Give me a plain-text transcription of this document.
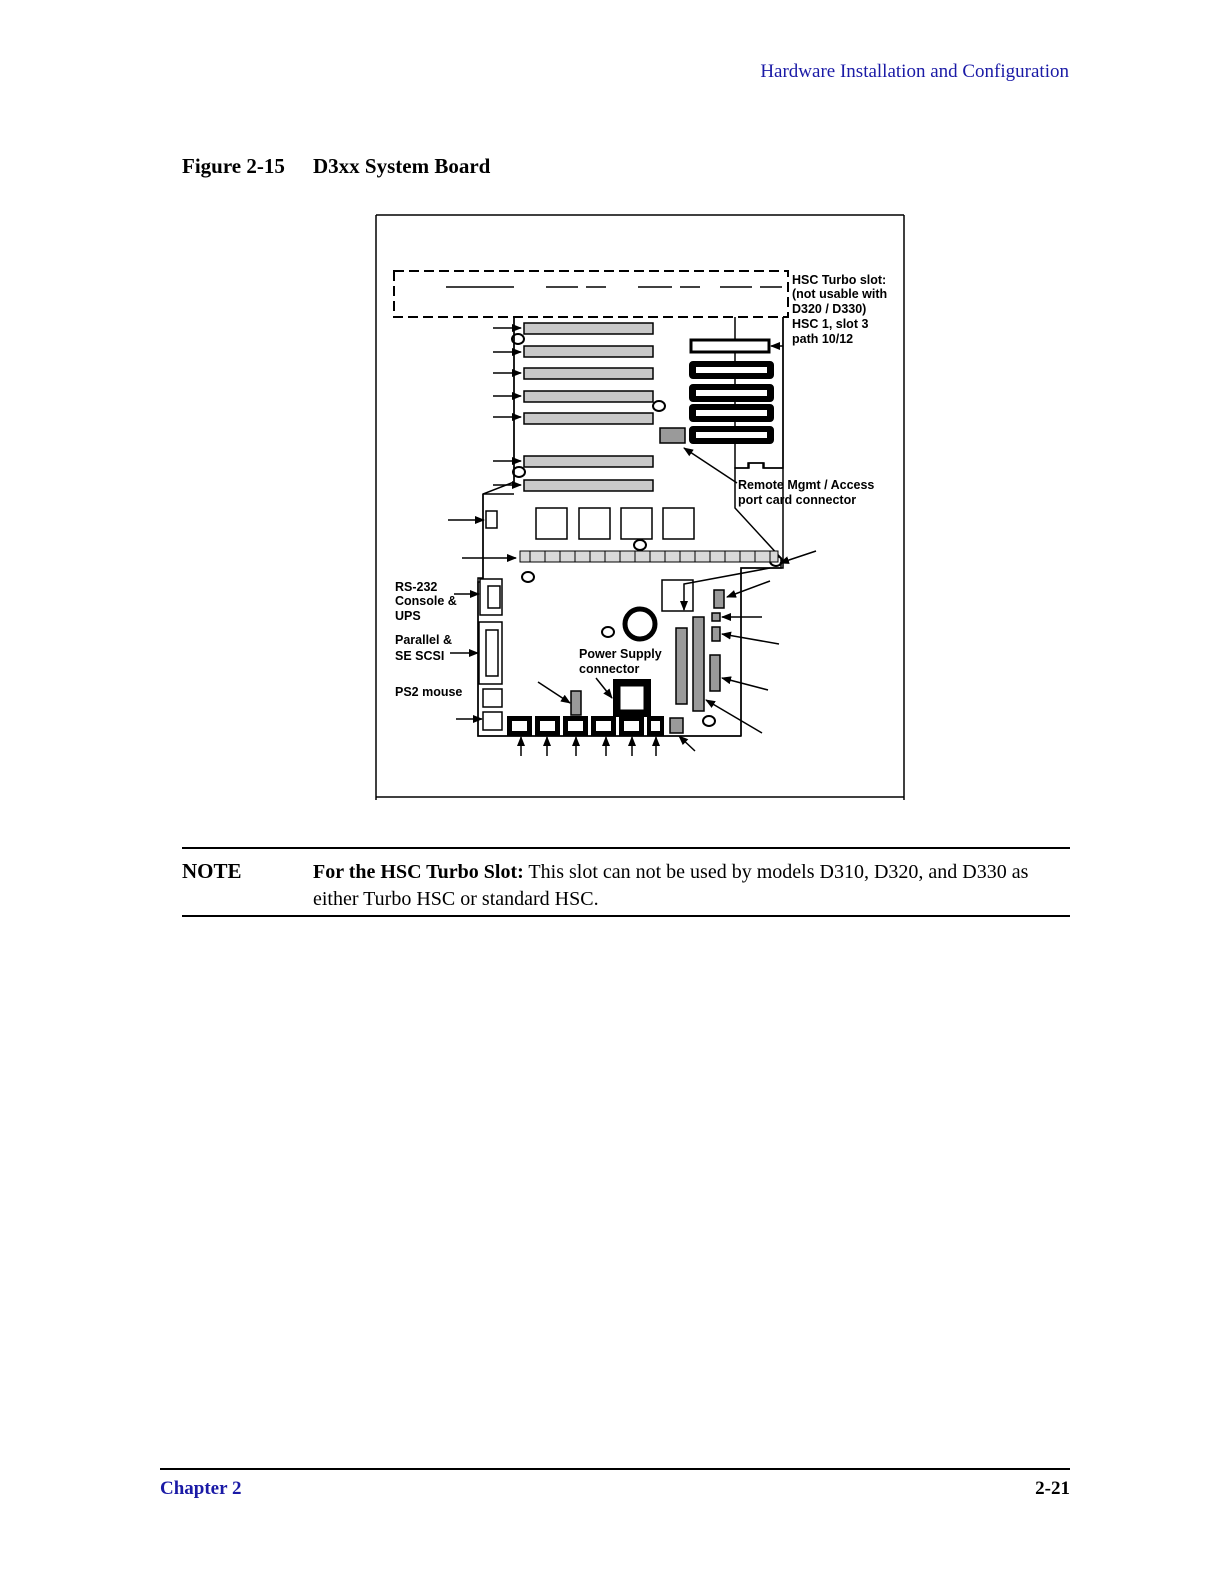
Hardware Installation and Configuration
Figure 2-15 D3xx System Board
HSC Turbo slot:
(not usable with
D320 / D330)
HSC 1, slot 3
path 10/12
Remote Mgmt / Access
port card connector
RS-232
Console &
UPS
Parallel &
SE SCSI
PS2 mouse
Power Supply
connector
NOTE	For the HSC Turbo Slot: This slot can not be used by models D310, D320, and D330 as either Turbo HSC or standard HSC.
Chapter 2	2-21
